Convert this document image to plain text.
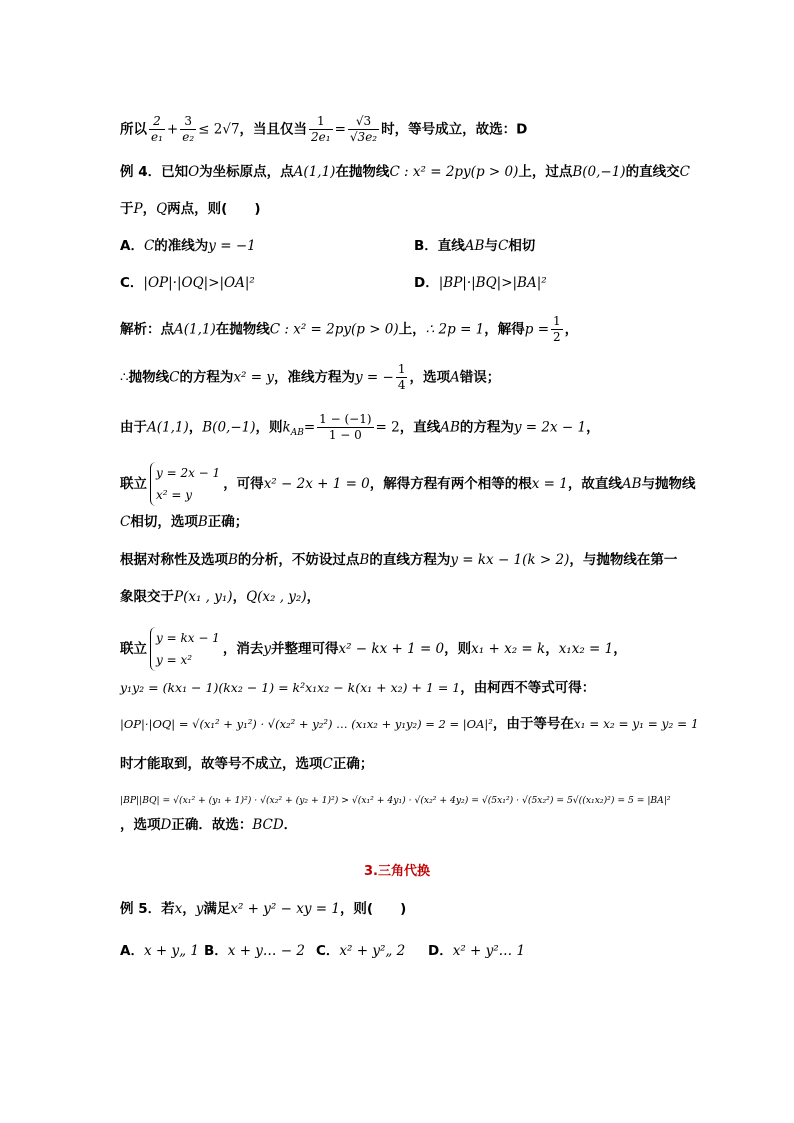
所以 $\frac{2}{\text{e₁}} + \frac{3}{\text{e₂}} \le 2√7$，当且仅当 $\frac{1}{\text{2e₁}} = \frac{√3}{\text{√3e₂}}$ 时，等号成立，故选：D
例 4．已知O为坐标原点，点A(1,1)在抛物线C : x² = 2py(p > 0)上，过点B(0,−1)的直线交C
于P，Q两点，则(　　)
A．C的准线为y = −1	B．直线AB与C相切
C．|OP|·|OQ|>|OA|²	D．|BP|·|BQ|>|BA|²
解析：点A(1,1)在抛物线C : x² = 2py(p > 0)上，∴ 2p = 1，解得$p = \frac{1}{2}$ ，
∴抛物线C的方程为x² = y，准线方程为y = − $\frac{1}{4}$ ，选项A错误；
由于A(1,1)，B(0,−1)，则$k_{AB}= \frac{1 - (-1)}{1 - 0} = 2$，直线AB的方程为y = 2x − 1，
联立
y = 2x − 1
x² = y
，可得x² − 2x + 1 = 0，解得方程有两个相等的根x = 1，故直线AB与抛物线
C相切，选项B正确；
根据对称性及选项B的分析，不妨设过点B的直线方程为y = kx − 1(k > 2)，与抛物线在第一
象限交于P(x₁ , y₁)，Q(x₂ , y₂)，
联立
y = kx − 1
y = x²
，消去y并整理可得x² − kx + 1 = 0，则x₁ + x₂ = k，x₁x₂ = 1，
y₁y₂ = (kx₁ − 1)(kx₂ − 1) = k²x₁x₂ − k(x₁ + x₂) + 1 = 1，由柯西不等式可得：
|OP|·|OQ| = √(x₁² + y₁²) · √(x₂² + y₂²) … (x₁x₂ + y₁y₂) = 2 = |OA|²，由于等号在x₁ = x₂ = y₁ = y₂ = 1
时才能取到，故等号不成立，选项C正确；
|BP||BQ| = √(x₁² + (y₁ + 1)²) · √(x₂² + (y₂ + 1)²) > √(x₁² + 4y₁) · √(x₂² + 4y₂) = √(5x₁²) · √(5x₂²) = 5√((x₁x₂)²) = 5 = |BA|²
，选项D正确．故选：BCD．
3.三角代换
例 5．若x，y满足x² + y² − xy = 1，则(　　)
A．x + y„ 1 B．x + y… − 2 C．x² + y²„ 2 D．x² + y²… 1
